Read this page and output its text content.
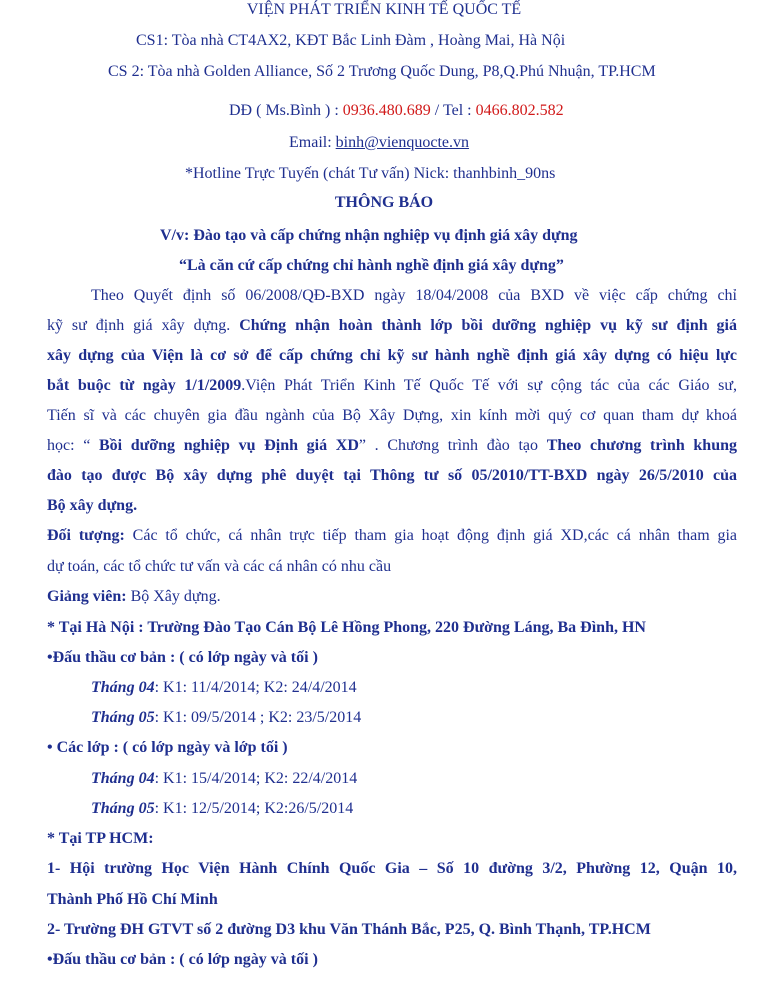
VIỆN PHÁT TRIỂN KINH TẾ QUỐC TẾ
CS1: Tòa nhà CT4AX2, KĐT Bắc Linh Đàm , Hoàng Mai, Hà Nội
CS 2: Tòa nhà Golden Alliance, Số 2 Trương Quốc Dung, P8,Q.Phú Nhuận, TP.HCM
DĐ ( Ms.Bình ) : 0936.480.689 / Tel : 0466.802.582
Email: binh@vienquocte.vn
*Hotline Trực Tuyến (chát Tư vấn) Nick: thanhbinh_90ns
THÔNG BÁO
V/v: Đào tạo và cấp chứng nhận nghiệp vụ định giá xây dựng
“Là căn cứ cấp chứng chỉ hành nghề định giá xây dựng”
Theo Quyết định số 06/2008/QĐ-BXD ngày 18/04/2008 của BXD về việc cấp chứng chỉ
kỹ sư định giá xây dựng. Chứng nhận hoàn thành lớp bồi dưỡng nghiệp vụ kỹ sư định giá
xây dựng của Viện là cơ sở để cấp chứng chỉ kỹ sư hành nghề định giá xây dựng có hiệu lực
bắt buộc từ ngày 1/1/2009.Viện Phát Triển Kinh Tế Quốc Tế với sự cộng tác của các Giáo sư,
Tiến sĩ và các chuyên gia đầu ngành của Bộ Xây Dựng, xin kính mời quý cơ quan tham dự khoá
học: “ Bồi dưỡng nghiệp vụ Định giá XD” . Chương trình đào tạo Theo chương trình khung
đào tạo được Bộ xây dựng phê duyệt tại Thông tư số 05/2010/TT-BXD ngày 26/5/2010 của
Bộ xây dựng.
Đối tượng: Các tổ chức, cá nhân trực tiếp tham gia hoạt động định giá XD,các cá nhân tham gia
dự toán, các tổ chức tư vấn và các cá nhân có nhu cầu
Giảng viên: Bộ Xây dựng.
* Tại Hà Nội : Trường Đào Tạo Cán Bộ Lê Hồng Phong, 220 Đường Láng, Ba Đình, HN
•Đấu thầu cơ bản : ( có lớp ngày và tối )
Tháng 04: K1: 11/4/2014; K2: 24/4/2014
Tháng 05: K1: 09/5/2014 ; K2: 23/5/2014
• Các lớp : ( có lớp ngày và lớp tối )
Tháng 04: K1: 15/4/2014; K2: 22/4/2014
Tháng 05: K1: 12/5/2014; K2:26/5/2014
* Tại TP HCM:
1- Hội trường Học Viện Hành Chính Quốc Gia – Số 10 đường 3/2, Phường 12, Quận 10,
Thành Phố Hồ Chí Minh
2- Trường ĐH GTVT số 2 đường D3 khu Văn Thánh Bắc, P25, Q. Bình Thạnh, TP.HCM
•Đấu thầu cơ bản : ( có lớp ngày và tối )
